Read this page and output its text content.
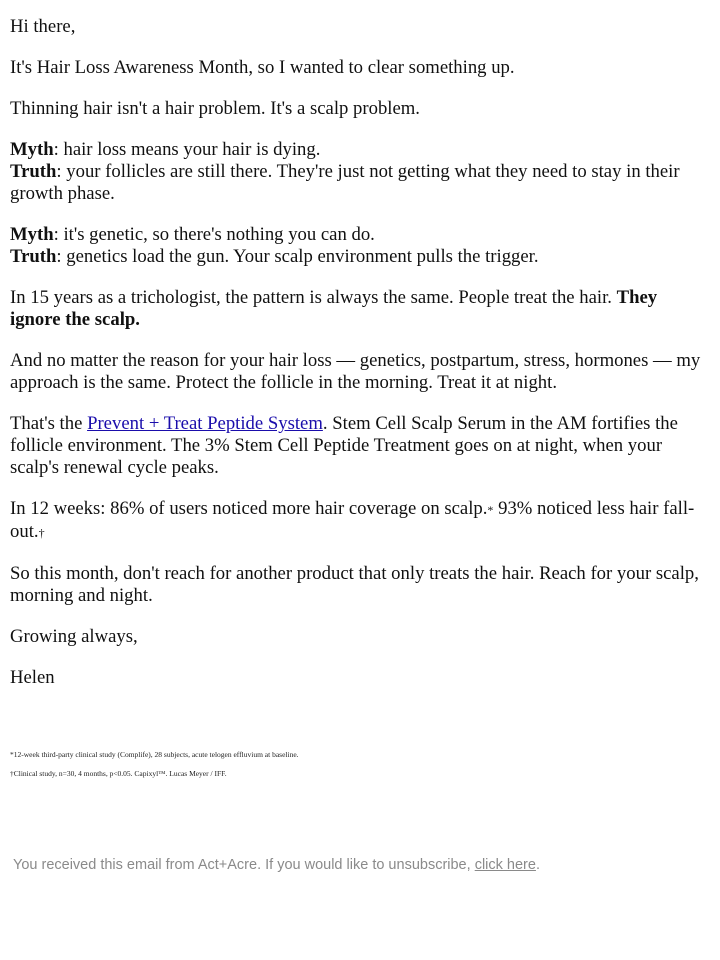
Hi there,

It's Hair Loss Awareness Month, so I wanted to clear something up.

Thinning hair isn't a hair problem. It's a scalp problem.

Myth: hair loss means your hair is dying.
Truth: your follicles are still there. They're just not getting what they need to stay in their growth phase.

Myth: it's genetic, so there's nothing you can do.
Truth: genetics load the gun. Your scalp environment pulls the trigger.

In 15 years as a trichologist, the pattern is always the same. People treat the hair. They ignore the scalp.

And no matter the reason for your hair loss — genetics, postpartum, stress, hormones — my approach is the same. Protect the follicle in the morning. Treat it at night.

That's the Prevent + Treat Peptide System. Stem Cell Scalp Serum in the AM fortifies the follicle environment. The 3% Stem Cell Peptide Treatment goes on at night, when your scalp's renewal cycle peaks.

In 12 weeks: 86% of users noticed more hair coverage on scalp.* 93% noticed less hair fall-out.†

So this month, don't reach for another product that only treats the hair. Reach for your scalp, morning and night.

Growing always,

Helen

*12-week third-party clinical study (Complife), 28 subjects, acute telogen effluvium at baseline.

†Clinical study, n=30, 4 months, p<0.05. Capixyl™. Lucas Meyer / IFF.

You received this email from Act+Acre. If you would like to unsubscribe, click here.
